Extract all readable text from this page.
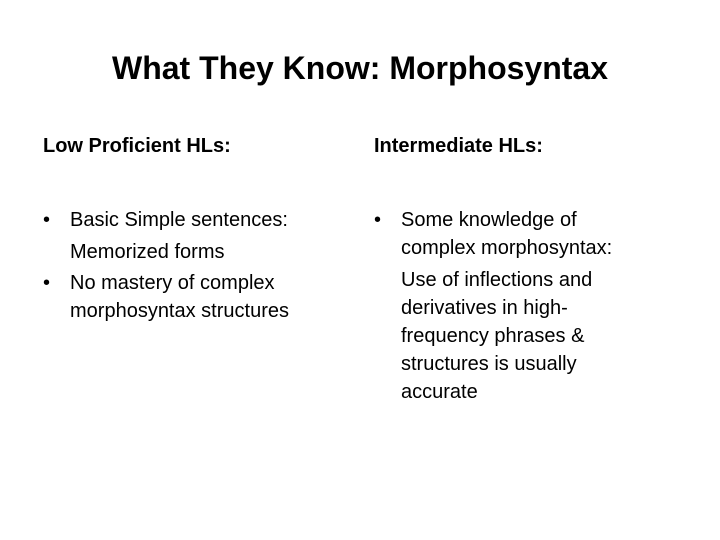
What They Know: Morphosyntax
Low Proficient HLs:
• Basic Simple sentences:
Memorized forms
• No mastery of complex morphosyntax structures
Intermediate HLs:
• Some knowledge of complex morphosyntax:
Use of inflections and derivatives in high-frequency phrases & structures is usually accurate
